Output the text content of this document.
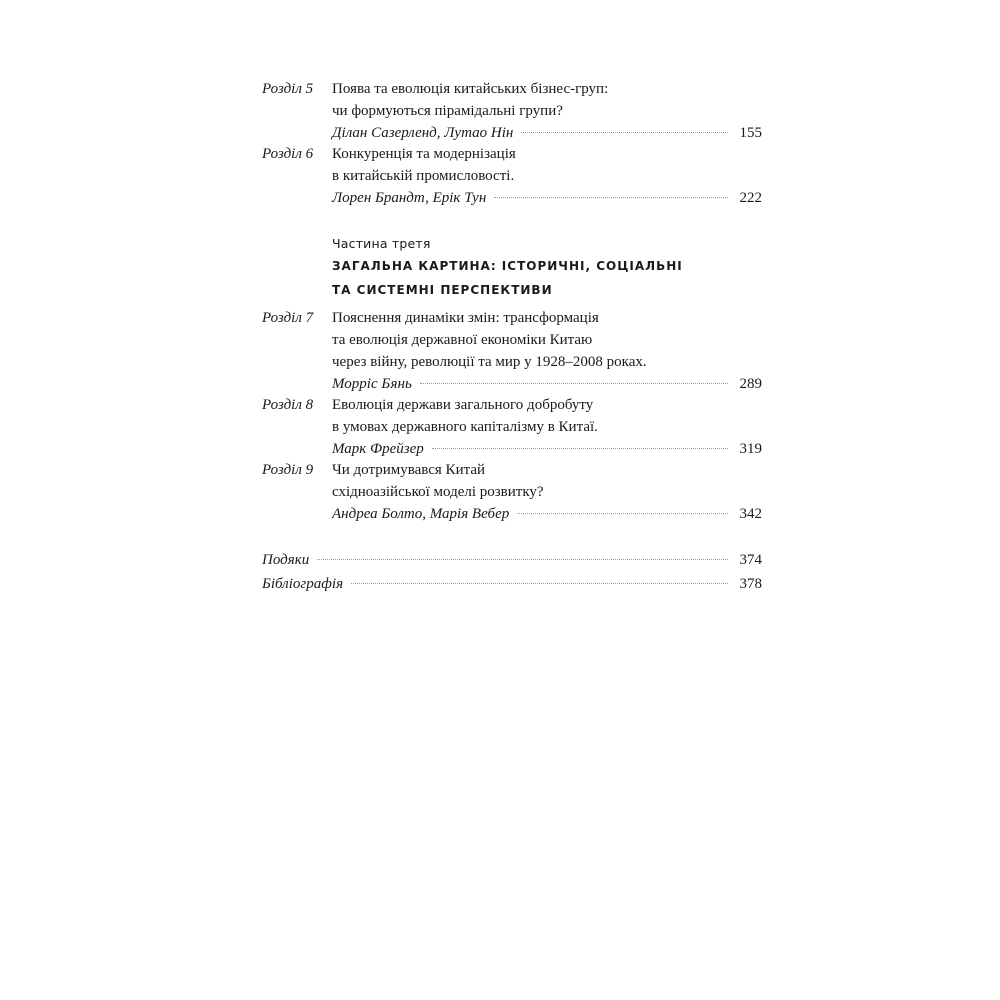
Розділ 5 Поява та еволюція китайських бізнес-груп:
чи формуються пірамідальні групи?
Ділан Сазерленд, Лутао Нін	155
Розділ 6 Конкуренція та модернізація
в китайській промисловості.
Лорен Брандт, Ерік Тун	222
Частина третя
ЗАГАЛЬНА КАРТИНА: ІСТОРИЧНІ, СОЦІАЛЬНІ
ТА СИСТЕМНІ ПЕРСПЕКТИВИ
Розділ 7 Пояснення динаміки змін: трансформація
та еволюція державної економіки Китаю
через війну, революції та мир у 1928–2008 роках.
Морріс Бянь	289
Розділ 8 Еволюція держави загального добробуту
в умовах державного капіталізму в Китаї.
Марк Фрейзер	319
Розділ 9 Чи дотримувався Китай
східноазійської моделі розвитку?
Андреа Болто, Марія Вебер	342
Подяки	374
Бібліографія	378
